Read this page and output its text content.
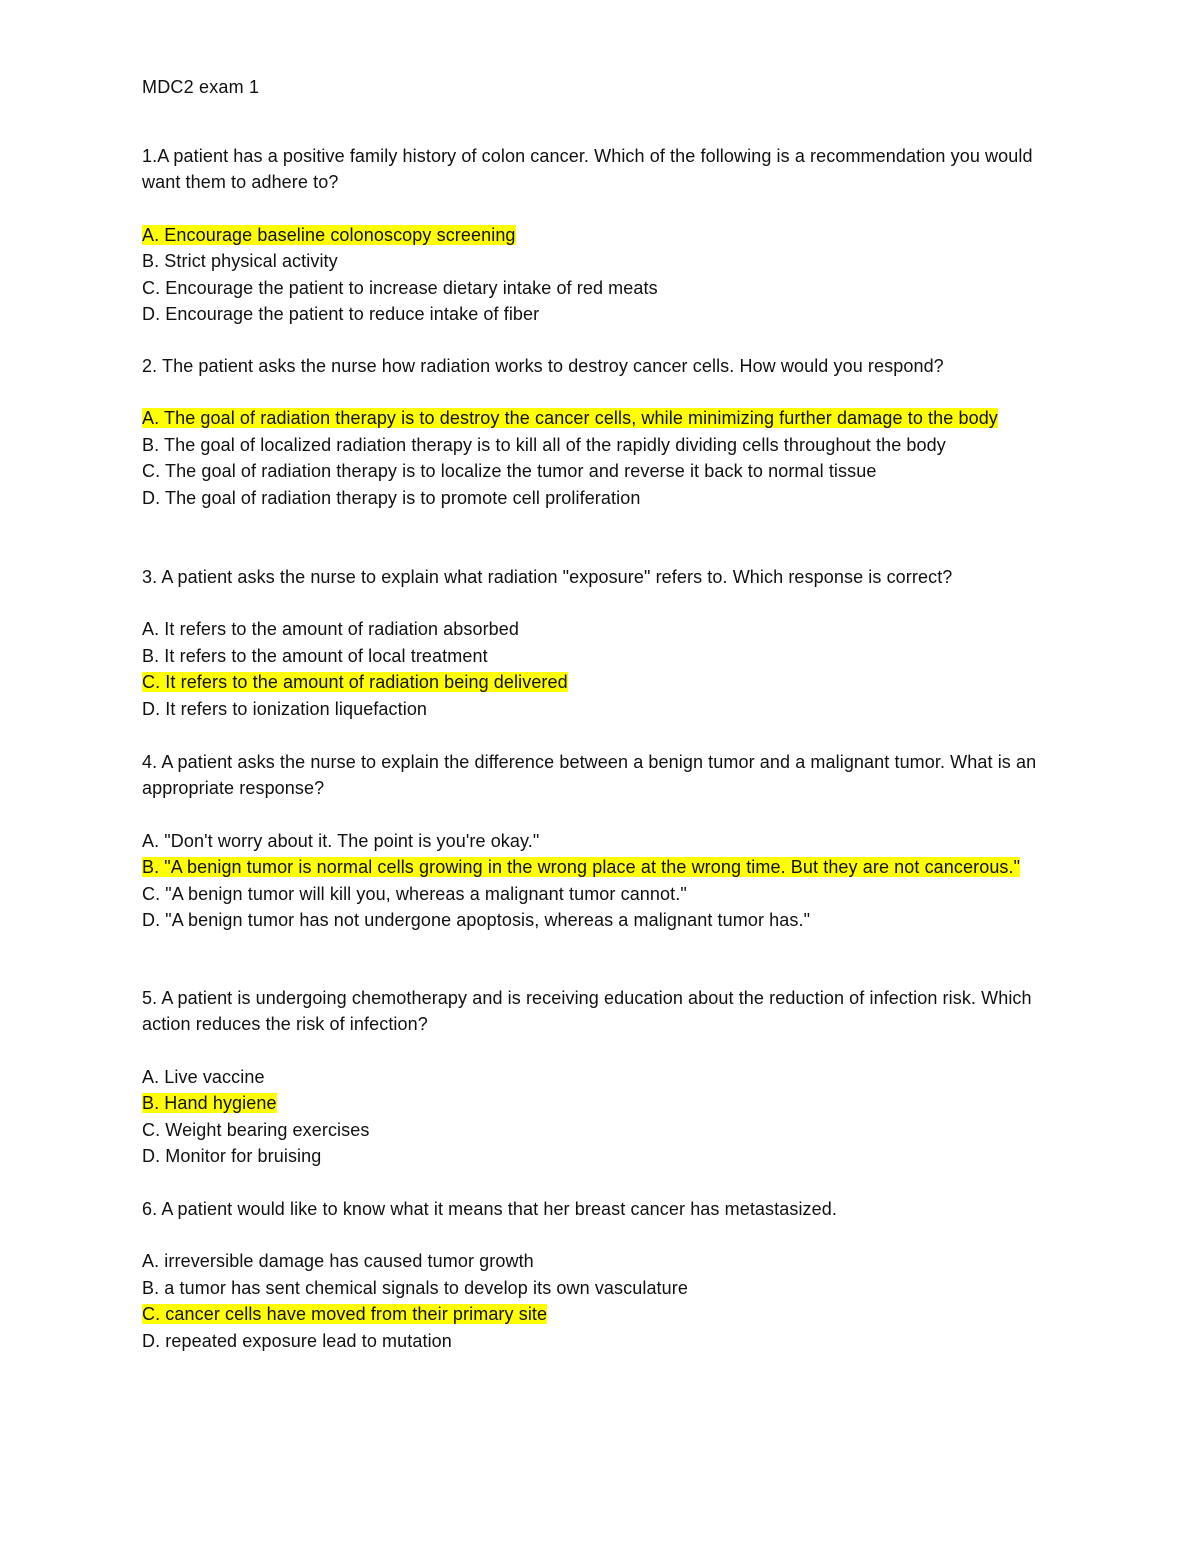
MDC2 exam 1

1.A patient has a positive family history of colon cancer. Which of the following is a recommendation you would want them to adhere to?

A. Encourage baseline colonoscopy screening
B. Strict physical activity
C. Encourage the patient to increase dietary intake of red meats
D. Encourage the patient to reduce intake of fiber

2. The patient asks the nurse how radiation works to destroy cancer cells. How would you respond?

A. The goal of radiation therapy is to destroy the cancer cells, while minimizing further damage to the body
B. The goal of localized radiation therapy is to kill all of the rapidly dividing cells throughout the body
C. The goal of radiation therapy is to localize the tumor and reverse it back to normal tissue
D. The goal of radiation therapy is to promote cell proliferation

3. A patient asks the nurse to explain what radiation "exposure" refers to. Which response is correct?

A. It refers to the amount of radiation absorbed
B. It refers to the amount of local treatment
C. It refers to the amount of radiation being delivered
D. It refers to ionization liquefaction

4. A patient asks the nurse to explain the difference between a benign tumor and a malignant tumor. What is an appropriate response?

A. "Don't worry about it. The point is you're okay."
B. "A benign tumor is normal cells growing in the wrong place at the wrong time. But they are not cancerous."
C. "A benign tumor will kill you, whereas a malignant tumor cannot."
D. "A benign tumor has not undergone apoptosis, whereas a malignant tumor has."

5. A patient is undergoing chemotherapy and is receiving education about the reduction of infection risk. Which action reduces the risk of infection?

A. Live vaccine
B. Hand hygiene
C. Weight bearing exercises
D. Monitor for bruising

6. A patient would like to know what it means that her breast cancer has metastasized.

A. irreversible damage has caused tumor growth
B. a tumor has sent chemical signals to develop its own vasculature
C. cancer cells have moved from their primary site
D. repeated exposure lead to mutation
